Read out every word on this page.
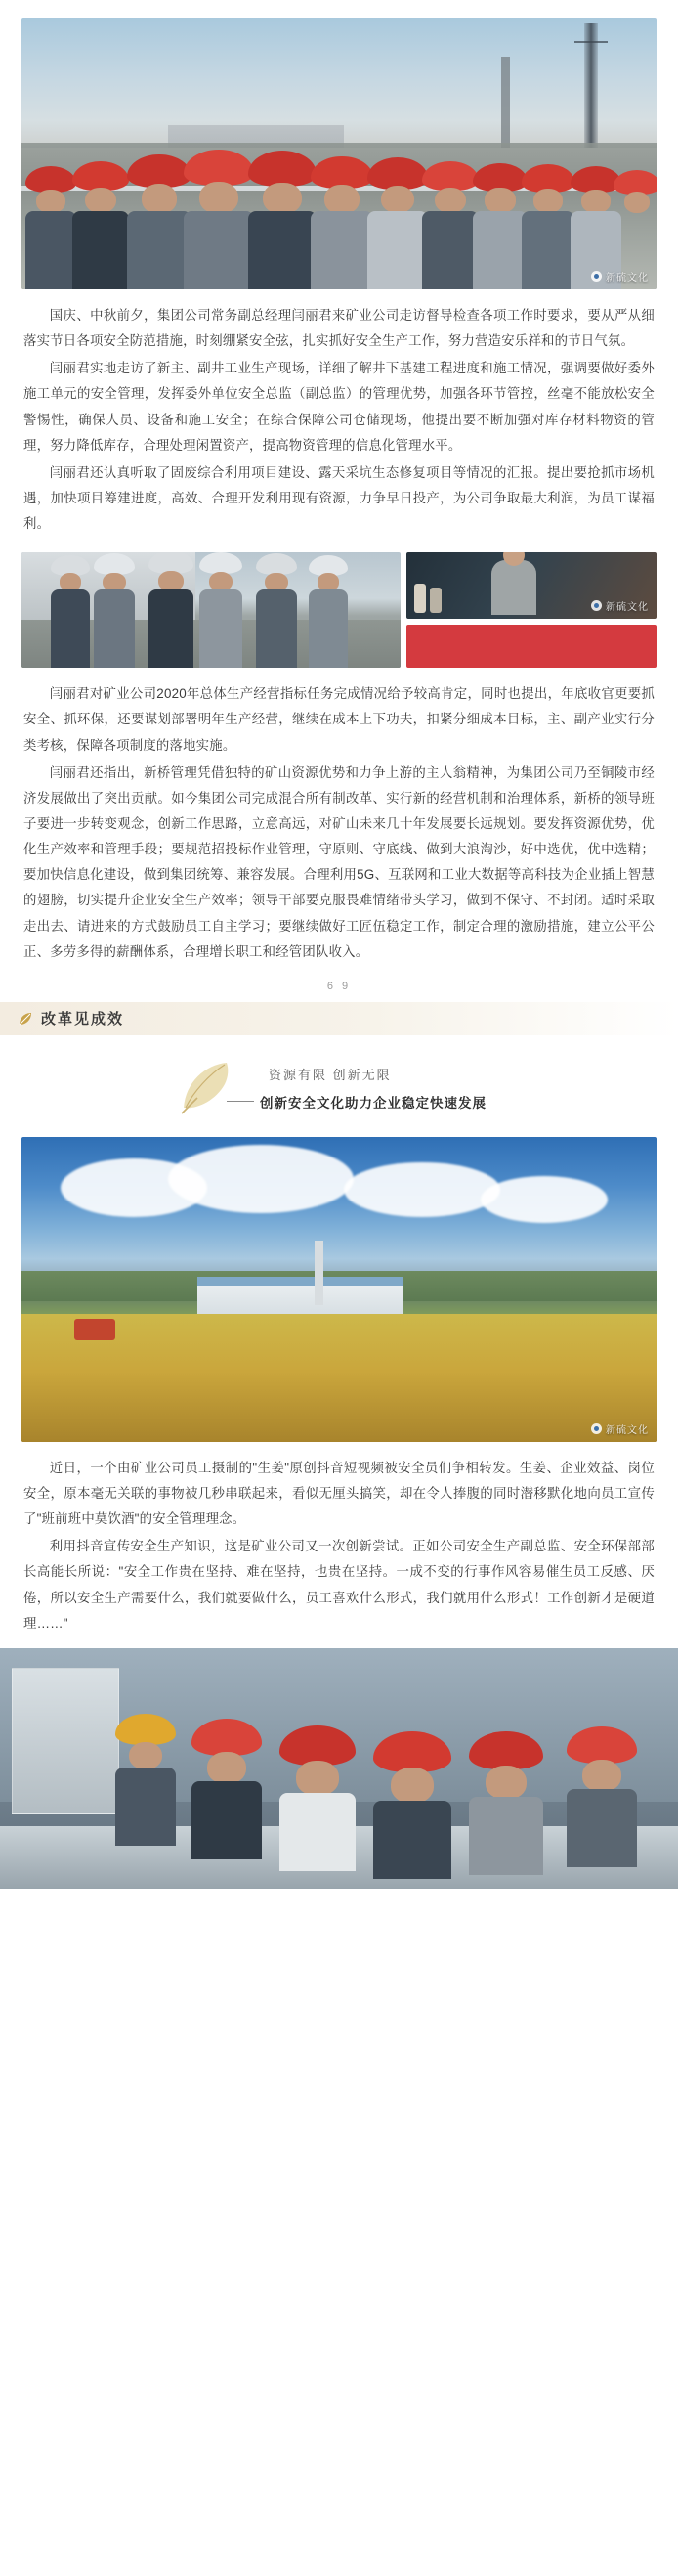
新硫文化

国庆、中秋前夕，集团公司常务副总经理闫丽君来矿业公司走访督导检查各项工作时要求，要从严从细落实节日各项安全防范措施，时刻绷紧安全弦，扎实抓好安全生产工作，努力营造安乐祥和的节日气氛。

闫丽君实地走访了新主、副井工业生产现场，详细了解井下基建工程进度和施工情况，强调要做好委外施工单元的安全管理，发挥委外单位安全总监（副总监）的管理优势，加强各环节管控，丝毫不能放松安全警惕性，确保人员、设备和施工安全；在综合保障公司仓储现场，他提出要不断加强对库存材料物资的管理，努力降低库存，合理处理闲置资产，提高物资管理的信息化管理水平。

闫丽君还认真听取了固废综合利用项目建设、露天采坑生态修复项目等情况的汇报。提出要抢抓市场机遇，加快项目筹建进度，高效、合理开发利用现有资源，力争早日投产，为公司争取最大利润，为员工谋福利。

新硫文化

闫丽君对矿业公司2020年总体生产经营指标任务完成情况给予较高肯定，同时也提出，年底收官更要抓安全、抓环保，还要谋划部署明年生产经营，继续在成本上下功夫，扣紧分细成本目标，主、副产业实行分类考核，保障各项制度的落地实施。

闫丽君还指出，新桥管理凭借独特的矿山资源优势和力争上游的主人翁精神，为集团公司乃至铜陵市经济发展做出了突出贡献。如今集团公司完成混合所有制改革、实行新的经营机制和治理体系，新桥的领导班子要进一步转变观念，创新工作思路，立意高远，对矿山未来几十年发展要长远规划。要发挥资源优势，优化生产效率和管理手段；要规范招投标作业管理，守原则、守底线、做到大浪淘沙，好中选优，优中选精；要加快信息化建设，做到集团统筹、兼容发展。合理利用5G、互联网和工业大数据等高科技为企业插上智慧的翅膀，切实提升企业安全生产效率；领导干部要克服畏难情绪带头学习，做到不保守、不封闭。适时采取走出去、请进来的方式鼓励员工自主学习；要继续做好工匠伍稳定工作，制定合理的激励措施，建立公平公正、多劳多得的薪酬体系，合理增长职工和经管团队收入。

6 9
改革见成效
资源有限 创新无限
创新安全文化助力企业稳定快速发展
新硫文化

近日，一个由矿业公司员工摄制的"生姜"原创抖音短视频被安全员们争相转发。生姜、企业效益、岗位安全，原本毫无关联的事物被几秒串联起来，看似无厘头搞笑，却在令人捧腹的同时潜移默化地向员工宣传了"班前班中莫饮酒"的安全管理理念。

利用抖音宣传安全生产知识，这是矿业公司又一次创新尝试。正如公司安全生产副总监、安全环保部部长高能长所说："安全工作贵在坚持、难在坚持，也贵在坚持。一成不变的行事作风容易催生员工反感、厌倦，所以安全生产需要什么，我们就要做什么，员工喜欢什么形式，我们就用什么形式！工作创新才是硬道理……"
